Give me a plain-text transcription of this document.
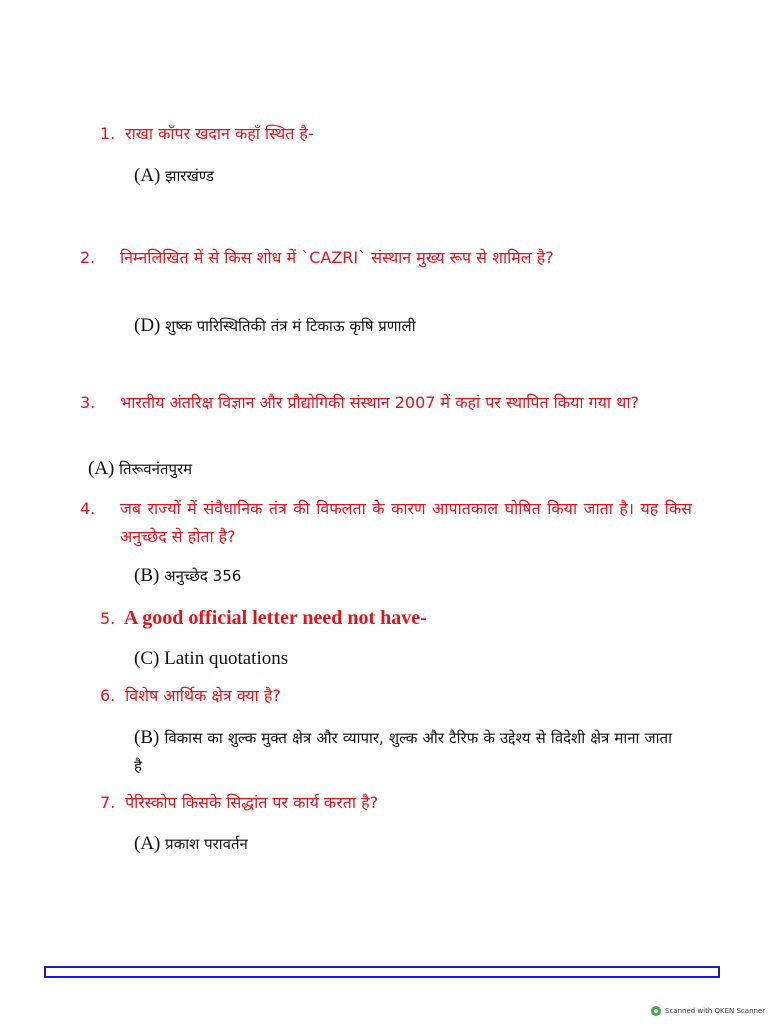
1. राखा कॉपर खदान कहाँ स्थित है-
(A) झारखंण्ड
2. निम्नलिखित में से किस शोध में `CAZRI` संस्थान मुख्य रूप से शामिल है?
(D) शुष्क पारिस्थितिकी तंत्र मं टिकाऊ कृषि प्रणाली
3. भारतीय अंतरिक्ष विज्ञान और प्रौद्योगिकी संस्थान 2007 में कहां पर स्थापित किया गया था?
(A) तिरूवनंतपुरम
4. जब राज्यों में संवैधानिक तंत्र की विफलता के कारण आपातकाल घोषित किया जाता है। यह किस अनुच्छेद से होता है?
(B) अनुच्छेद 356
5. A good official letter need not have-
(C) Latin quotations
6. विशेष आर्थिक क्षेत्र क्या है?
(B) विकास का शुल्क मुक्त क्षेत्र और व्यापार, शुल्क और टैरिफ के उद्देश्य से विदेशी क्षेत्र माना जाता है
7. पेरिस्कोप किसके सिद्धांत पर कार्य करता है?
(A) प्रकाश परावर्तन
Scanned with OKEN Scanner
